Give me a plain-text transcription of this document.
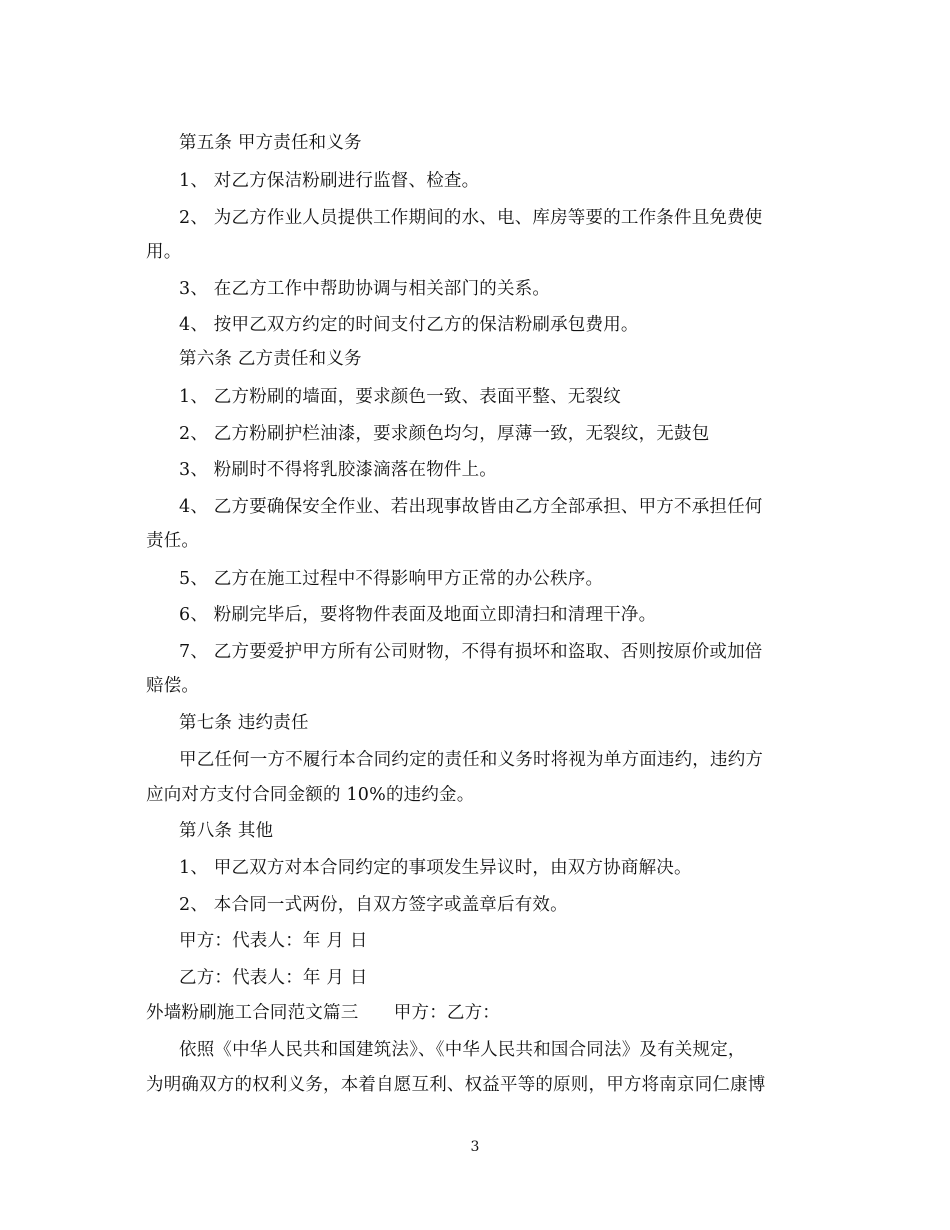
第五条 甲方责任和义务
1、 对乙方保洁粉刷进行监督、检查。
2、 为乙方作业人员提供工作期间的水、电、库房等要的工作条件且免费使
用。
3、 在乙方工作中帮助协调与相关部门的关系。
4、 按甲乙双方约定的时间支付乙方的保洁粉刷承包费用。
第六条 乙方责任和义务
1、 乙方粉刷的墙面，要求颜色一致、表面平整、无裂纹
2、 乙方粉刷护栏油漆，要求颜色均匀，厚薄一致，无裂纹，无鼓包
3、 粉刷时不得将乳胶漆滴落在物件上。
4、 乙方要确保安全作业、若出现事故皆由乙方全部承担、甲方不承担任何
责任。
5、 乙方在施工过程中不得影响甲方正常的办公秩序。
6、 粉刷完毕后，要将物件表面及地面立即清扫和清理干净。
7、 乙方要爱护甲方所有公司财物，不得有损坏和盗取、否则按原价或加倍
赔偿。
第七条 违约责任
甲乙任何一方不履行本合同约定的责任和义务时将视为单方面违约，违约方
应向对方支付合同金额的 10%的违约金。
第八条 其他
1、 甲乙双方对本合同约定的事项发生异议时，由双方协商解决。
2、 本合同一式两份，自双方签字或盖章后有效。
甲方：代表人：年 月 日
乙方：代表人：年 月 日
外墙粉刷施工合同范文篇三　　甲方：乙方：
依照《中华人民共和国建筑法》、《中华人民共和国合同法》及有关规定，
为明确双方的权利义务，本着自愿互利、权益平等的原则，甲方将南京同仁康博
3
